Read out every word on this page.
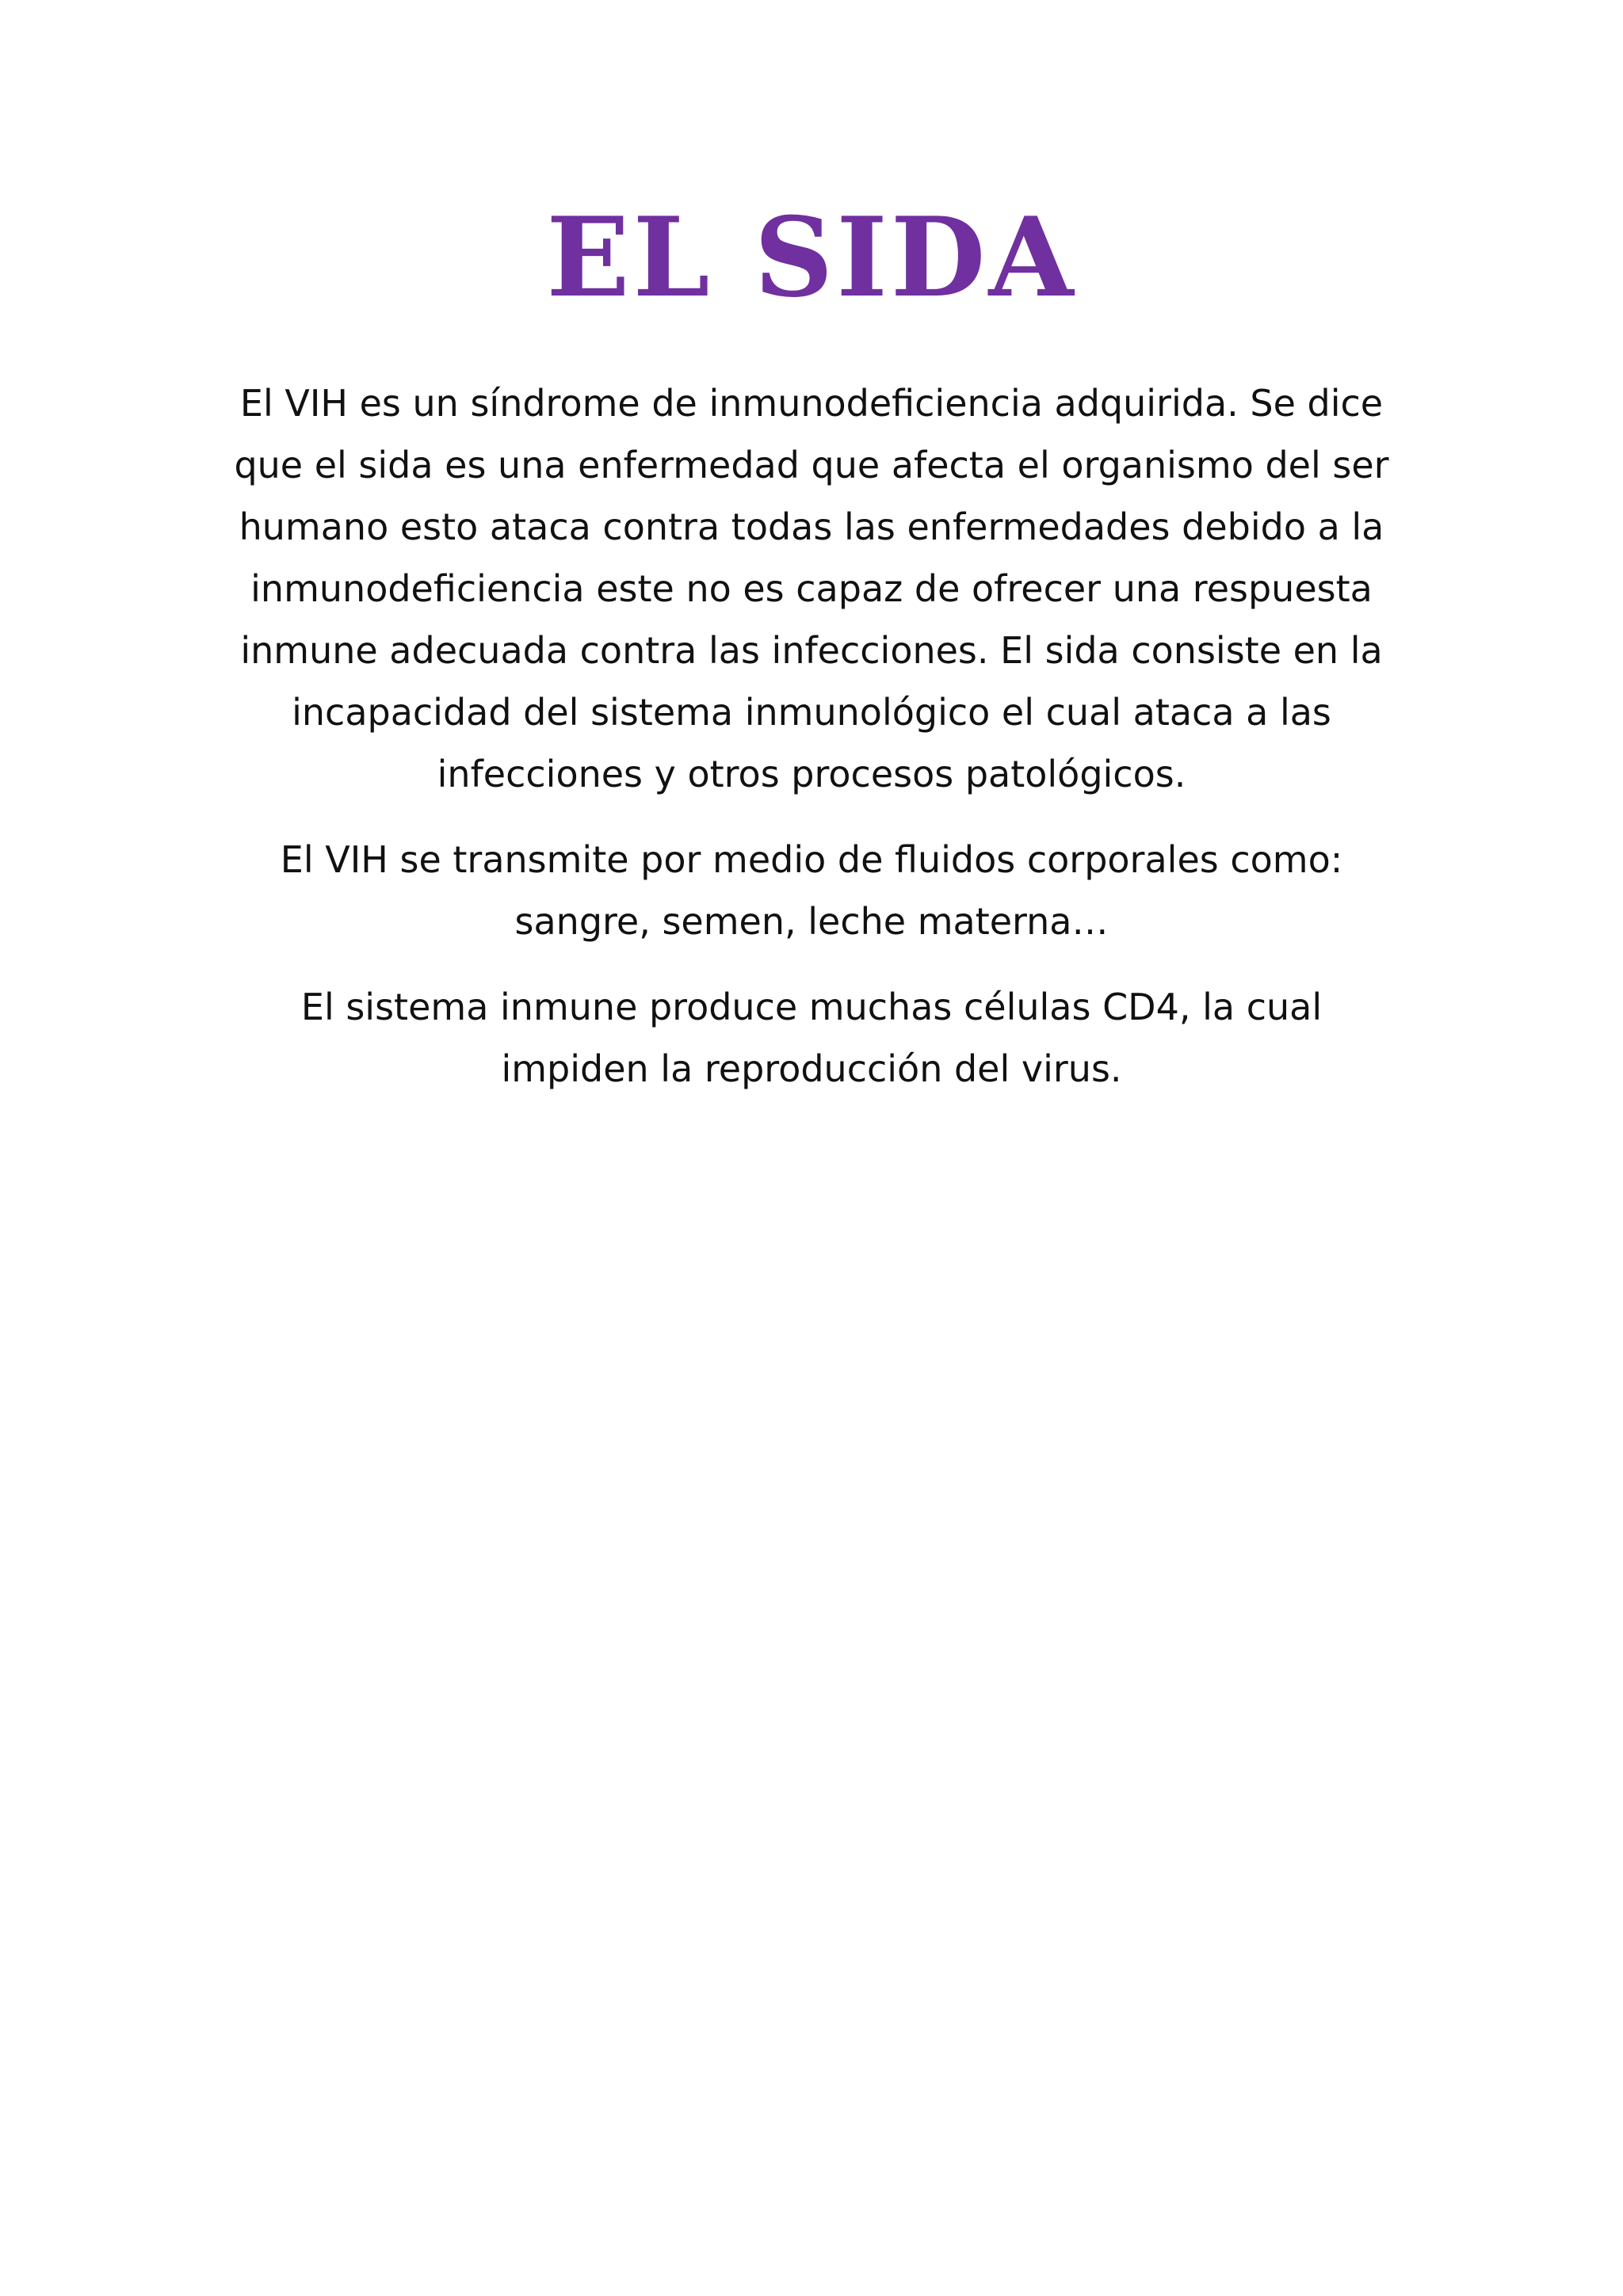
EL SIDA

El VIH es un síndrome de inmunodeficiencia adquirida. Se dice que el sida es una enfermedad que afecta el organismo del ser humano esto ataca contra todas las enfermedades debido a la inmunodeficiencia este no es capaz de ofrecer una respuesta inmune adecuada contra las infecciones. El sida consiste en la incapacidad del sistema inmunológico el cual ataca a las infecciones y otros procesos patológicos.

El VIH se transmite por medio de fluidos corporales como: sangre, semen, leche materna…

El sistema inmune produce muchas células CD4, la cual impiden la reproducción del virus.
